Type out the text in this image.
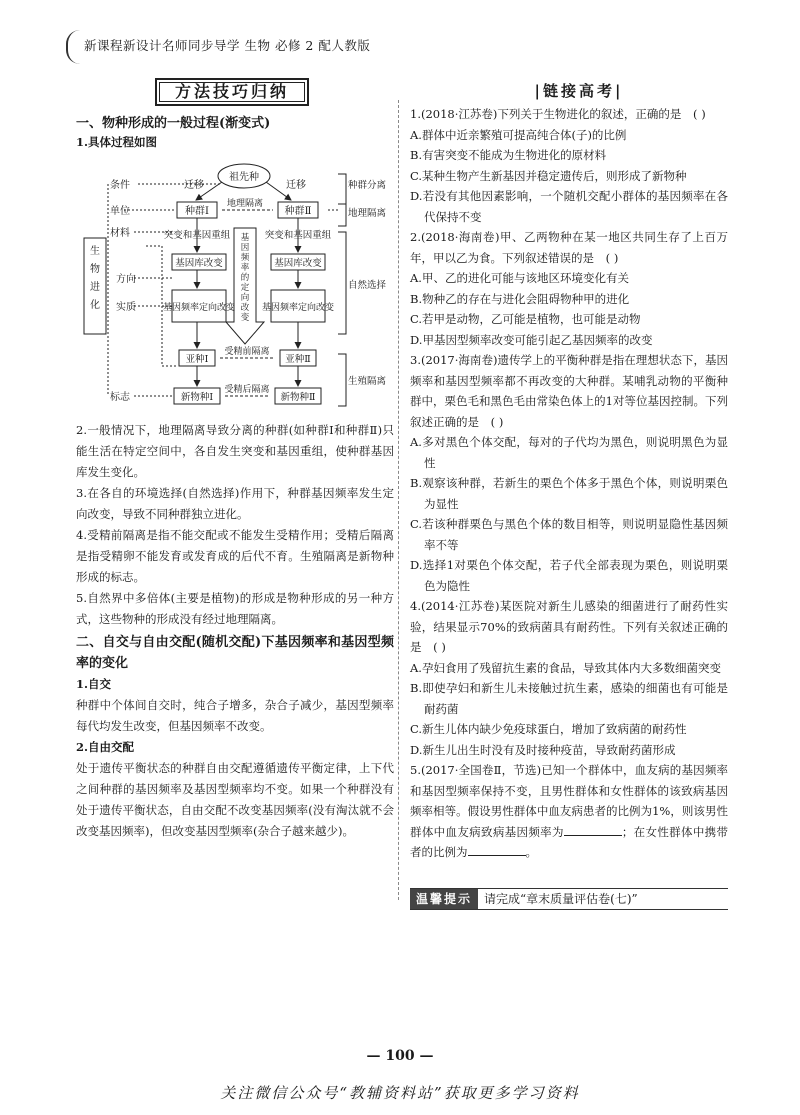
新课程新设计名师同步导学 生物 必修 2 配人教版
方法技巧归纳
一、物种形成的一般过程(渐变式)
1.具体过程如图
祖先种
种群Ⅰ	种群Ⅱ
迁移	迁移
地理隔离
突变和基因重组	突变和基因重组
基因库改变	基因库改变
基因频率定向改变	基因频率定向改变
亚种Ⅰ	亚种Ⅱ
受精前隔离
新物种Ⅰ	新物种Ⅱ
受精后隔离
条件
单位
材料
方向
实质
标志
种群分离
地理隔离
自然选择
生殖隔离
生物进化
基因频率的定向改变

2.一般情况下，地理隔离导致分离的种群(如种群Ⅰ和种群Ⅱ)只能生活在特定空间中，各自发生突变和基因重组，使种群基因库发生变化。

3.在各自的环境选择(自然选择)作用下，种群基因频率发生定向改变，导致不同种群独立进化。

4.受精前隔离是指不能交配或不能发生受精作用；受精后隔离是指受精卵不能发育或发育成的后代不育。生殖隔离是新物种形成的标志。

5.自然界中多倍体(主要是植物)的形成是物种形成的另一种方式，这些物种的形成没有经过地理隔离。

二、自交与自由交配(随机交配)下基因频率和基因型频率的变化

1.自交

种群中个体间自交时，纯合子增多，杂合子减少，基因型频率每代均发生改变，但基因频率不改变。

2.自由交配

处于遗传平衡状态的种群自由交配遵循遗传平衡定律，上下代之间种群的基因频率及基因型频率均不变。如果一个种群没有处于遗传平衡状态，自由交配不改变基因频率(没有淘汰就不会改变基因频率)，但改变基因型频率(杂合子越来越少)。

|链接高考|

1.(2018·江苏卷)下列关于生物进化的叙述，正确的是 ( )

A.群体中近亲繁殖可提高纯合体(子)的比例

B.有害突变不能成为生物进化的原材料

C.某种生物产生新基因并稳定遗传后，则形成了新物种

D.若没有其他因素影响，一个随机交配小群体的基因频率在各代保持不变

2.(2018·海南卷)甲、乙两物种在某一地区共同生存了上百万年，甲以乙为食。下列叙述错误的是 ( )

A.甲、乙的进化可能与该地区环境变化有关

B.物种乙的存在与进化会阻碍物种甲的进化

C.若甲是动物，乙可能是植物，也可能是动物

D.甲基因型频率改变可能引起乙基因频率的改变

3.(2017·海南卷)遗传学上的平衡种群是指在理想状态下，基因频率和基因型频率都不再改变的大种群。某哺乳动物的平衡种群中，栗色毛和黑色毛由常染色体上的1对等位基因控制。下列叙述正确的是 ( )

A.多对黑色个体交配，每对的子代均为黑色，则说明黑色为显性

B.观察该种群，若新生的栗色个体多于黑色个体，则说明栗色为显性

C.若该种群栗色与黑色个体的数目相等，则说明显隐性基因频率不等

D.选择1对栗色个体交配，若子代全部表现为栗色，则说明栗色为隐性

4.(2014·江苏卷)某医院对新生儿感染的细菌进行了耐药性实验，结果显示70%的致病菌具有耐药性。下列有关叙述正确的是 ( )

A.孕妇食用了残留抗生素的食品，导致其体内大多数细菌突变

B.即使孕妇和新生儿未接触过抗生素，感染的细菌也有可能是耐药菌

C.新生儿体内缺少免疫球蛋白，增加了致病菌的耐药性

D.新生儿出生时没有及时接种疫苗，导致耐药菌形成

5.(2017·全国卷Ⅱ，节选)已知一个群体中，血友病的基因频率和基因型频率保持不变，且男性群体和女性群体的该致病基因频率相等。假设男性群体中血友病患者的比例为1%，则该男性群体中血友病致病基因频率为	；在女性群体中携带者的比例为	。

温馨提示 请完成“章末质量评估卷(七)”
— 100 —
关注微信公众号“教辅资料站”获取更多学习资料
